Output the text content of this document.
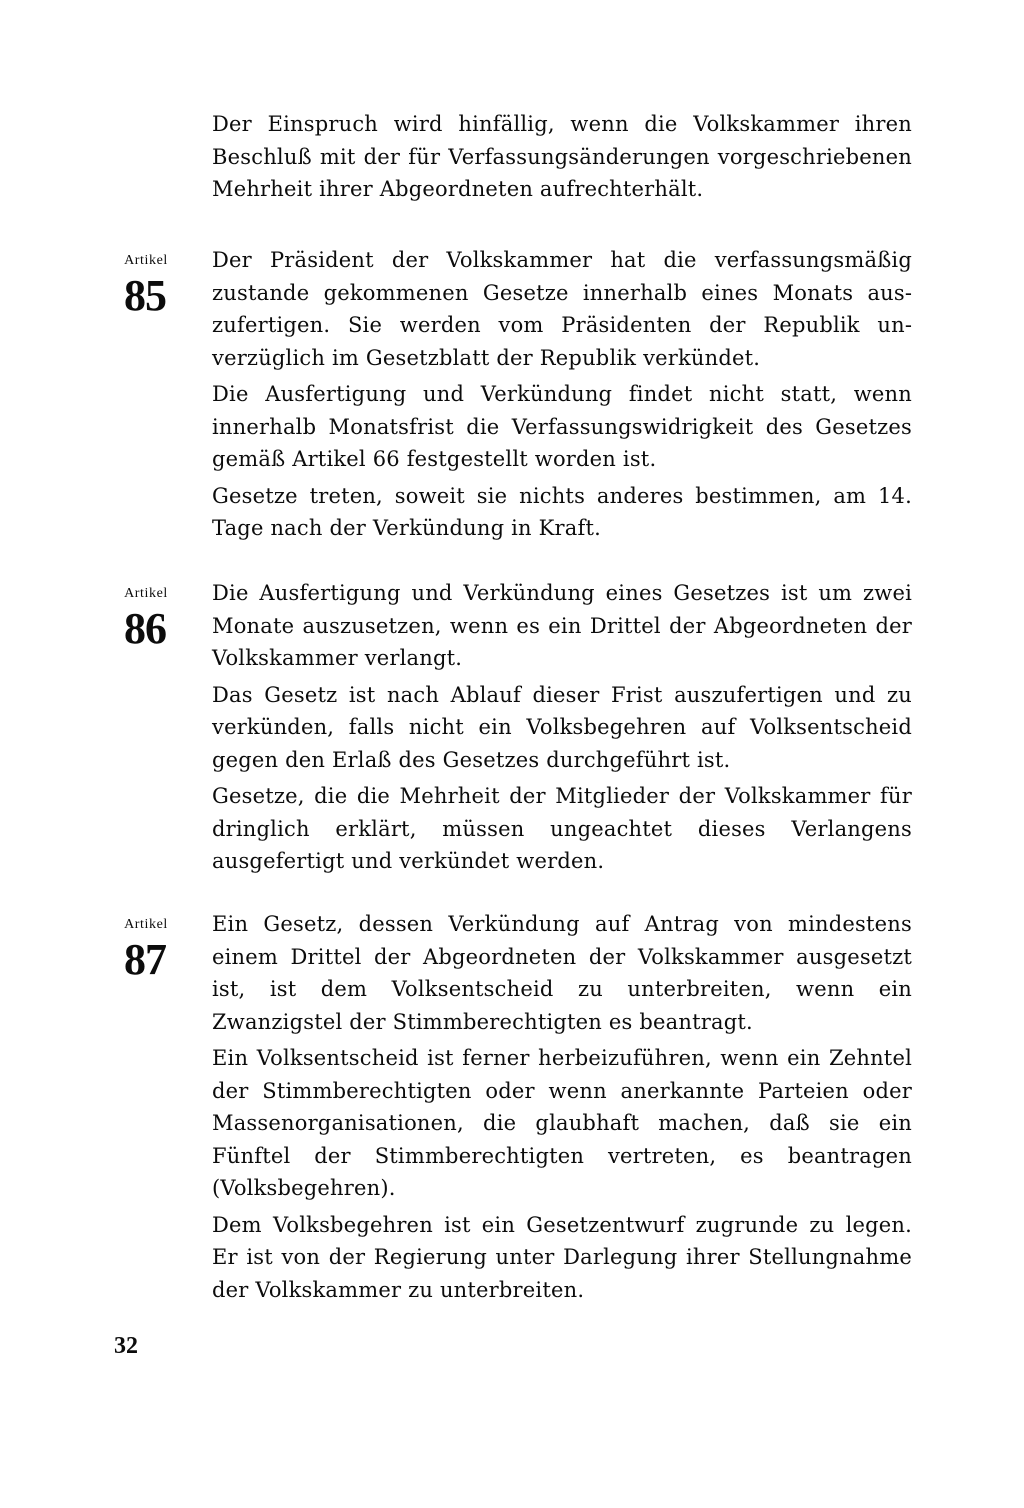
Der Einspruch wird hinfällig, wenn die Volkskammer ihren Beschluß mit der für Verfassungsänderungen vorgeschriebenen Mehrheit ihrer Abgeordneten aufrechterhält.

Artikel
85

Der Präsident der Volkskammer hat die verfassungsmäßig zustande gekommenen Gesetze innerhalb eines Monats auszufertigen. Sie werden vom Präsidenten der Republik unverzüglich im Gesetzblatt der Republik verkündet.

Die Ausfertigung und Verkündung findet nicht statt, wenn innerhalb Monatsfrist die Verfassungswidrigkeit des Gesetzes gemäß Artikel 66 festgestellt worden ist.

Gesetze treten, soweit sie nichts anderes bestimmen, am 14. Tage nach der Verkündung in Kraft.

Artikel
86

Die Ausfertigung und Verkündung eines Gesetzes ist um zwei Monate auszusetzen, wenn es ein Drittel der Abgeordneten der Volkskammer verlangt.

Das Gesetz ist nach Ablauf dieser Frist auszufertigen und zu verkünden, falls nicht ein Volksbegehren auf Volksentscheid gegen den Erlaß des Gesetzes durchgeführt ist.

Gesetze, die die Mehrheit der Mitglieder der Volkskammer für dringlich erklärt, müssen ungeachtet dieses Verlangens ausgefertigt und verkündet werden.

Artikel
87

Ein Gesetz, dessen Verkündung auf Antrag von mindestens einem Drittel der Abgeordneten der Volkskammer ausgesetzt ist, ist dem Volksentscheid zu unterbreiten, wenn ein Zwanzigstel der Stimmberechtigten es beantragt.

Ein Volksentscheid ist ferner herbeizuführen, wenn ein Zehntel der Stimmberechtigten oder wenn anerkannte Parteien oder Massenorganisationen, die glaubhaft machen, daß sie ein Fünftel der Stimmberechtigten vertreten, es beantragen (Volksbegehren).

Dem Volksbegehren ist ein Gesetzentwurf zugrunde zu legen. Er ist von der Regierung unter Darlegung ihrer Stellungnahme der Volkskammer zu unterbreiten.

32
